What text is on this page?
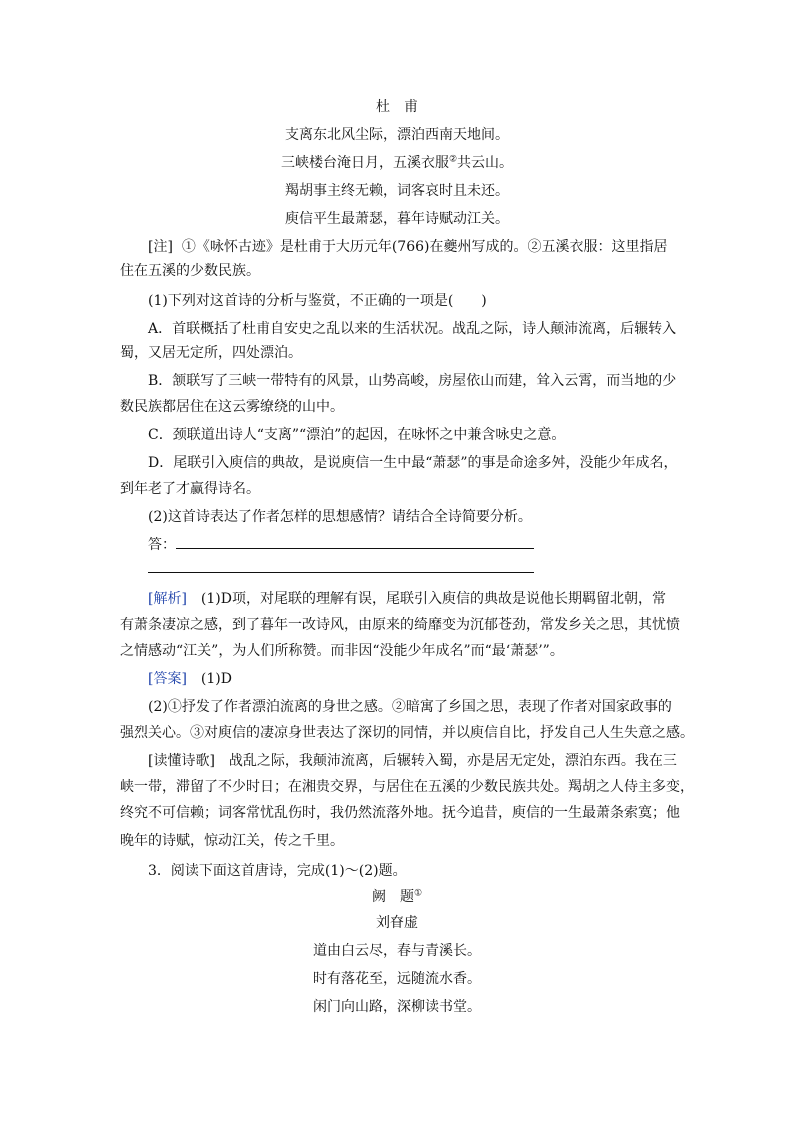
杜　甫
支离东北风尘际，漂泊西南天地间。
三峡楼台淹日月，五溪衣服②共云山。
羯胡事主终无赖，词客哀时且未还。
庾信平生最萧瑟，暮年诗赋动江关。
[注] ①《咏怀古迹》是杜甫于大历元年(766)在夔州写成的。②五溪衣服：这里指居
住在五溪的少数民族。
(1)下列对这首诗的分析与鉴赏，不正确的一项是(　　)
A．首联概括了杜甫自安史之乱以来的生活状况。战乱之际，诗人颠沛流离，后辗转入
蜀，又居无定所，四处漂泊。
B．颔联写了三峡一带特有的风景，山势高峻，房屋依山而建，耸入云霄，而当地的少
数民族都居住在这云雾缭绕的山中。
C．颈联道出诗人“支离”“漂泊”的起因，在咏怀之中兼含咏史之意。
D．尾联引入庾信的典故，是说庾信一生中最“萧瑟”的事是命途多舛，没能少年成名，
到年老了才赢得诗名。
(2)这首诗表达了作者怎样的思想感情？请结合全诗简要分析。
答：
[解析]　(1)D项，对尾联的理解有误，尾联引入庾信的典故是说他长期羁留北朝，常
有萧条凄凉之感，到了暮年一改诗风，由原来的绮靡变为沉郁苍劲，常发乡关之思，其忧愤
之情感动“江关”，为人们所称赞。而非因“没能少年成名”而“最‘萧瑟’”。
[答案]　(1)D
(2)①抒发了作者漂泊流离的身世之感。②暗寓了乡国之思，表现了作者对国家政事的
强烈关心。③对庾信的凄凉身世表达了深切的同情，并以庾信自比，抒发自己人生失意之感。
[读懂诗歌]　战乱之际，我颠沛流离，后辗转入蜀，亦是居无定处，漂泊东西。我在三
峡一带，滞留了不少时日；在湘贵交界，与居住在五溪的少数民族共处。羯胡之人侍主多变，
终究不可信赖；词客常忧乱伤时，我仍然流落外地。抚今追昔，庾信的一生最萧条索寞；他
晚年的诗赋，惊动江关，传之千里。
3．阅读下面这首唐诗，完成(1)～(2)题。
阙　题①
刘眘虚
道由白云尽，春与青溪长。
时有落花至，远随流水香。
闲门向山路，深柳读书堂。
